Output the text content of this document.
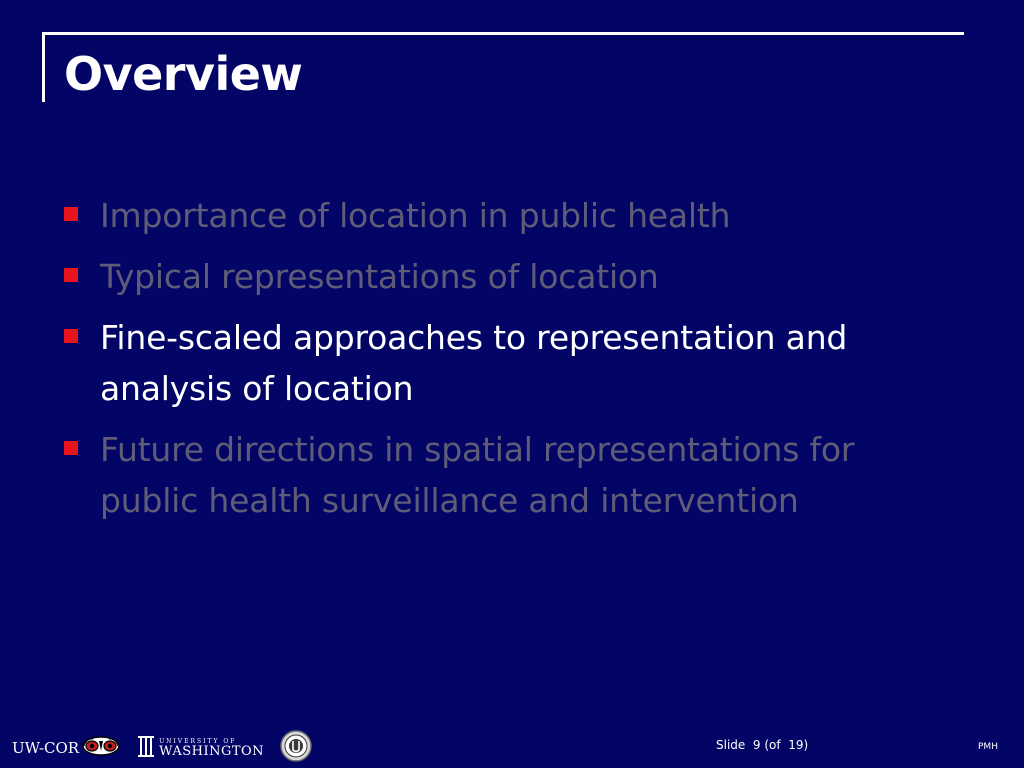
Overview
Importance of location in public health
Typical representations of location
Fine-scaled approaches to representation and analysis of location
Future directions in spatial representations for public health surveillance and intervention
UW-COR	UNIVERSITY OF
WASHINGTON	Slide  9 (of  19)	PMH
